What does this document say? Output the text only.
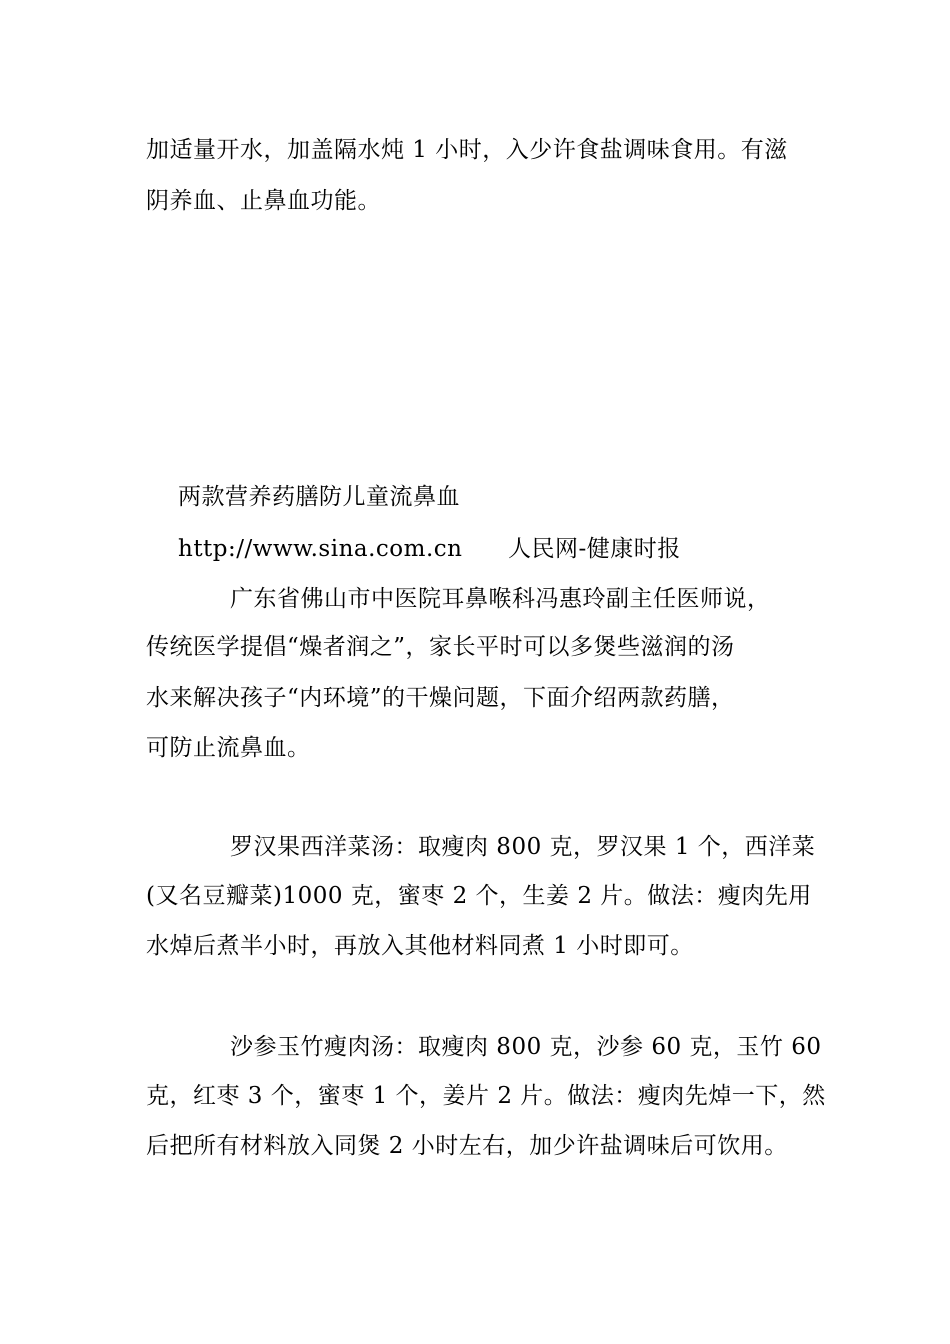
加适量开水，加盖隔水炖 1 小时，入少许食盐调味食用。有滋
阴养血、止鼻血功能。
两款营养药膳防儿童流鼻血
http://www.sina.com.cn 人民网-健康时报
广东省佛山市中医院耳鼻喉科冯惠玲副主任医师说，
传统医学提倡“燥者润之”，家长平时可以多煲些滋润的汤
水来解决孩子“内环境”的干燥问题，下面介绍两款药膳，
可防止流鼻血。
罗汉果西洋菜汤：取瘦肉 800 克，罗汉果 1 个，西洋菜
(又名豆瓣菜)1000 克，蜜枣 2 个，生姜 2 片。做法：瘦肉先用
水焯后煮半小时，再放入其他材料同煮 1 小时即可。
沙参玉竹瘦肉汤：取瘦肉 800 克，沙参 60 克，玉竹 60
克，红枣 3 个，蜜枣 1 个，姜片 2 片。做法：瘦肉先焯一下，然
后把所有材料放入同煲 2 小时左右，加少许盐调味后可饮用。
